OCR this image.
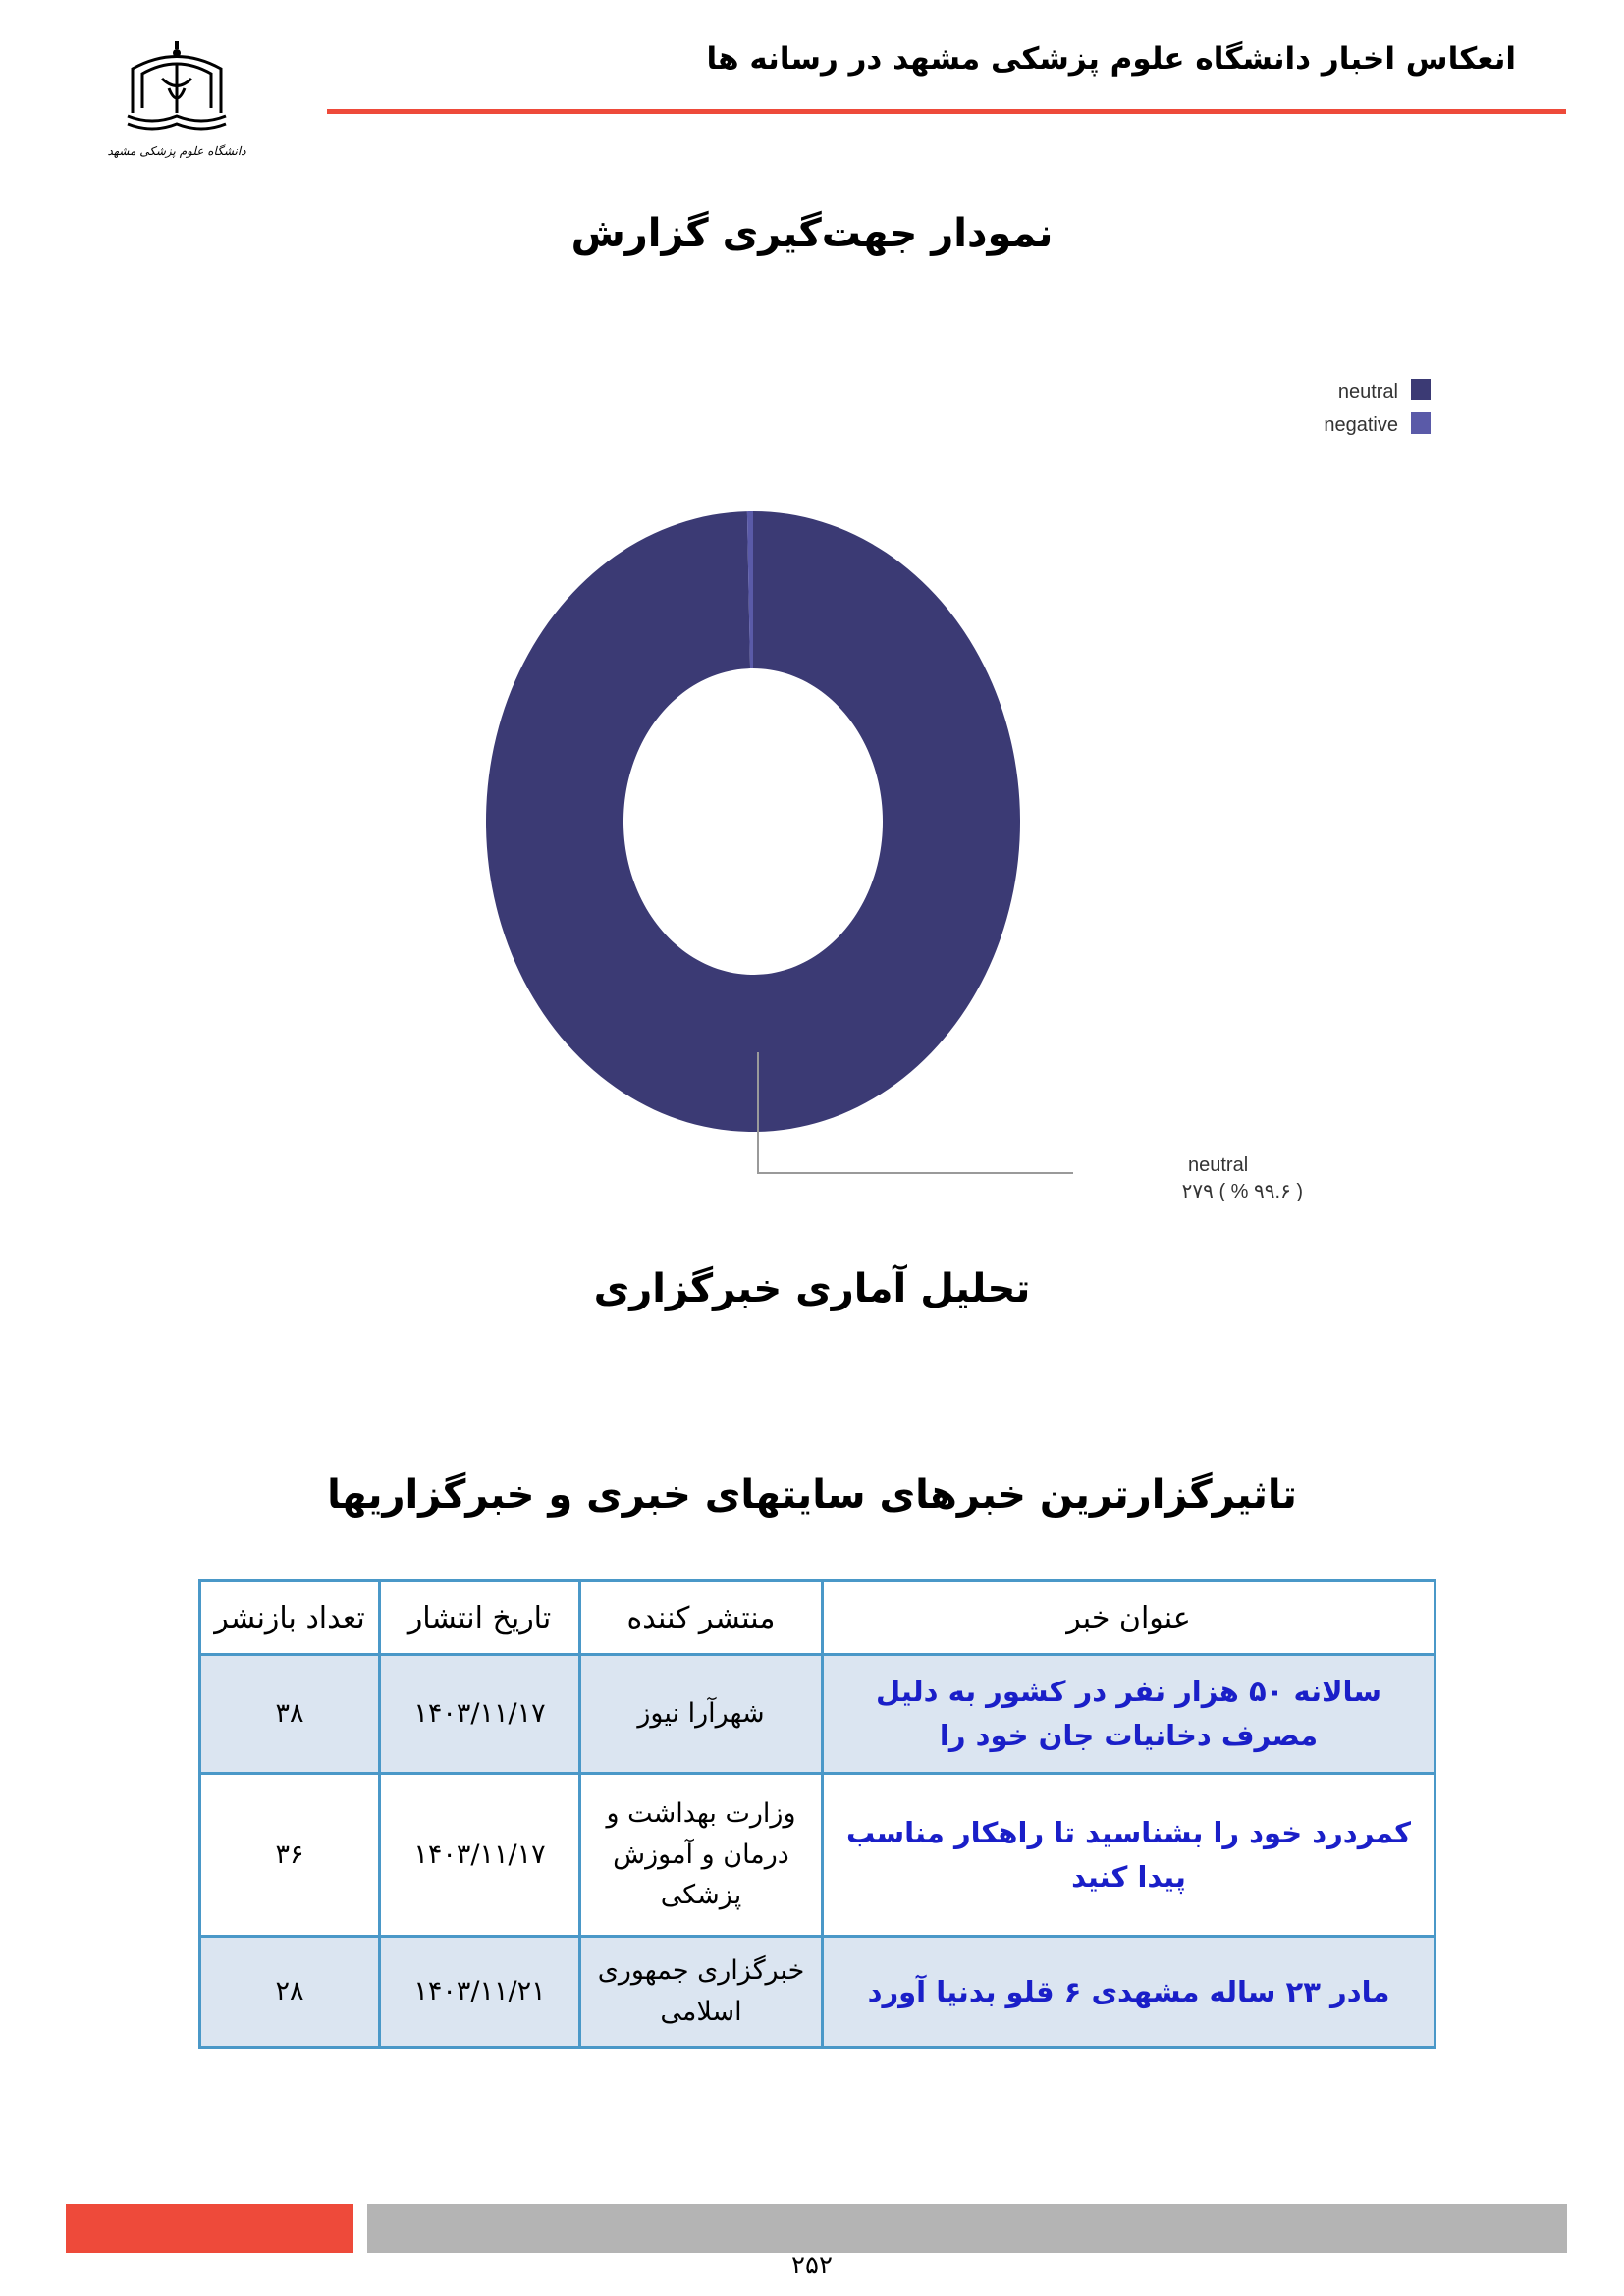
دانشگاه علوم پزشکی مشهد
انعکاس اخبار دانشگاه علوم پزشکی مشهد در رسانه ها
نمودار جهت‌گیری گزارش
neutral
negative
neutral
۲۷۹ ( % ۹۹.۶ )
تحلیل آماری خبرگزاری
تاثیرگزارترین خبرهای سایتهای خبری و خبرگزاریها
عنوان خبر	منتشر کننده	تاریخ انتشار	تعداد بازنشر
سالانه ۵۰ هزار نفر در کشور به دلیل مصرف دخانیات جان خود را	شهرآرا نیوز	۱۴۰۳/۱۱/۱۷	۳۸
کمردرد خود را بشناسید تا راهکار مناسب پیدا کنید	وزارت بهداشت و درمان و آموزش پزشکی	۱۴۰۳/۱۱/۱۷	۳۶
مادر ۲۳ ساله مشهدی ۶ قلو بدنیا آورد	خبرگزاری جمهوری اسلامی	۱۴۰۳/۱۱/۲۱	۲۸
۲۵۲
